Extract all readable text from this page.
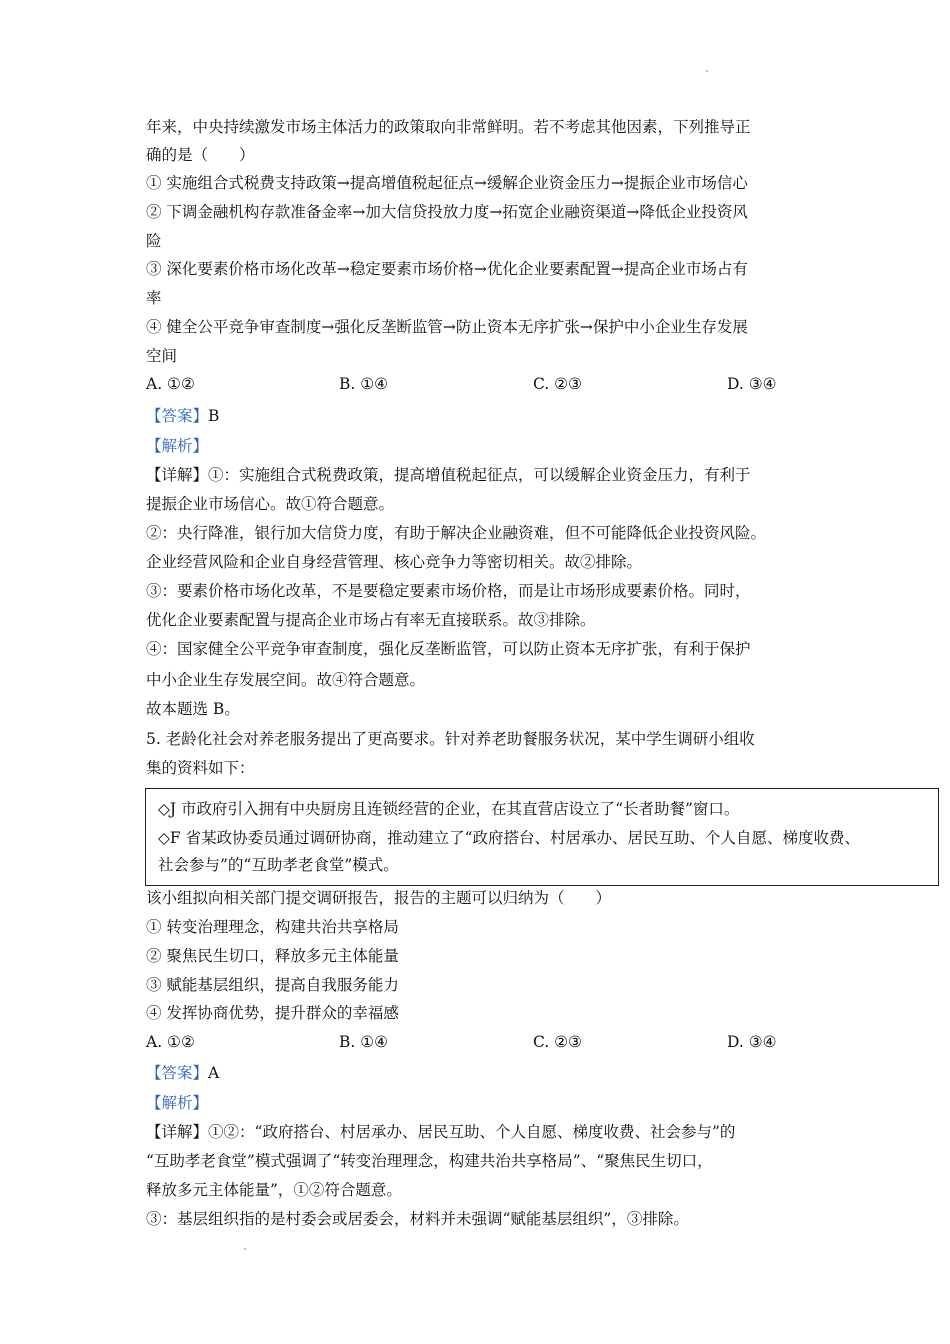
年来，中央持续激发市场主体活力的政策取向非常鲜明。若不考虑其他因素，下列推导正
确的是（　　）
① 实施组合式税费支持政策→提高增值税起征点→缓解企业资金压力→提振企业市场信心
② 下调金融机构存款准备金率→加大信贷投放力度→拓宽企业融资渠道→降低企业投资风
险
③ 深化要素价格市场化改革→稳定要素市场价格→优化企业要素配置→提高企业市场占有
率
④ 健全公平竞争审查制度→强化反垄断监管→防止资本无序扩张→保护中小企业生存发展
空间
A. ①②	B. ①④	C. ②③	D. ③④
【答案】B
【解析】
【详解】①：实施组合式税费政策，提高增值税起征点，可以缓解企业资金压力，有利于
提振企业市场信心。故①符合题意。
②：央行降准，银行加大信贷力度，有助于解决企业融资难，但不可能降低企业投资风险。
企业经营风险和企业自身经营管理、核心竞争力等密切相关。故②排除。
③：要素价格市场化改革，不是要稳定要素市场价格，而是让市场形成要素价格。同时，
优化企业要素配置与提高企业市场占有率无直接联系。故③排除。
④：国家健全公平竞争审查制度，强化反垄断监管，可以防止资本无序扩张，有利于保护
中小企业生存发展空间。故④符合题意。
故本题选 B。
5. 老龄化社会对养老服务提出了更高要求。针对养老助餐服务状况，某中学生调研小组收
集的资料如下：
◇J 市政府引入拥有中央厨房且连锁经营的企业，在其直营店设立了“长者助餐”窗口。
◇F 省某政协委员通过调研协商，推动建立了“政府搭台、村居承办、居民互助、个人自愿、梯度收费、
社会参与”的“互助孝老食堂”模式。
该小组拟向相关部门提交调研报告，报告的主题可以归纳为（　　）
① 转变治理理念，构建共治共享格局
② 聚焦民生切口，释放多元主体能量
③ 赋能基层组织，提高自我服务能力
④ 发挥协商优势，提升群众的幸福感
A. ①②	B. ①④	C. ②③	D. ③④
【答案】A
【解析】
【详解】①②：“政府搭台、村居承办、居民互助、个人自愿、梯度收费、社会参与”的
“互助孝老食堂”模式强调了“转变治理理念，构建共治共享格局”、“聚焦民生切口，
释放多元主体能量”，①②符合题意。
③：基层组织指的是村委会或居委会，材料并未强调“赋能基层组织”，③排除。
